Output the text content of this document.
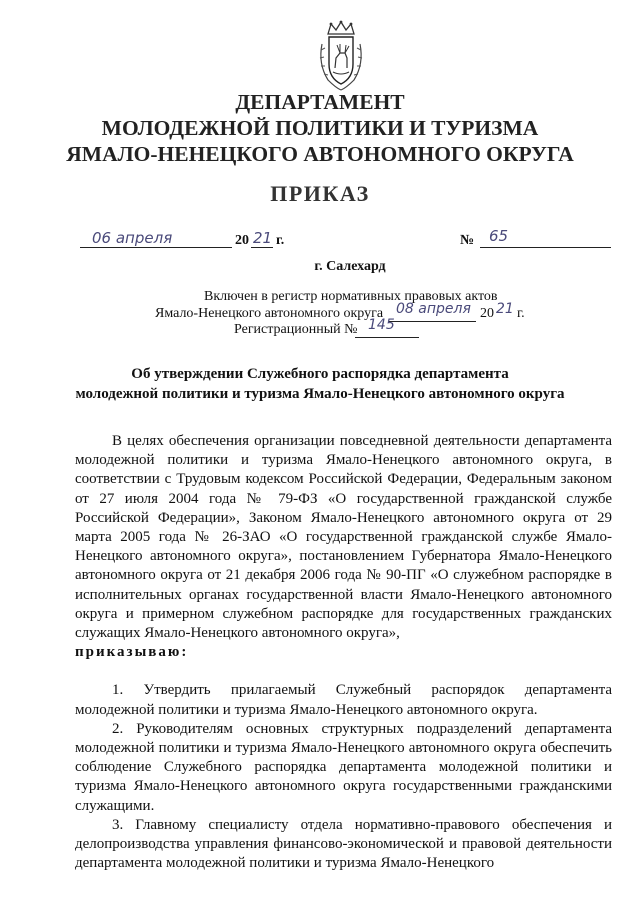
ДЕПАРТАМЕНТ
МОЛОДЕЖНОЙ ПОЛИТИКИ И ТУРИЗМА
ЯМАЛО-НЕНЕЦКОГО АВТОНОМНОГО ОКРУГА
ПРИКАЗ
06 апреля	20 21 г.	№ 65
г. Салехард
Включен в регистр нормативных правовых актов
Ямало-Ненецкого автономного округа 08 апреля 20 21 г.
Регистрационный № 145
Об утверждении Служебного распорядка департамента
молодежной политики и туризма Ямало-Ненецкого автономного округа

В целях обеспечения организации повседневной деятельности департамента молодежной политики и туризма Ямало-Ненецкого автономного округа, в соответствии с Трудовым кодексом Российской Федерации, Федеральным законом от 27 июля 2004 года № 79-ФЗ «О государственной гражданской службе Российской Федерации», Законом Ямало-Ненецкого автономного округа от 29 марта 2005 года № 26-ЗАО «О государственной гражданской службе Ямало-Ненецкого автономного округа», постановлением Губернатора Ямало-Ненецкого автономного округа от 21 декабря 2006 года № 90-ПГ «О служебном распорядке в исполнительных органах государственной власти Ямало-Ненецкого автономного округа и примерном служебном распорядке для государственных гражданских служащих Ямало-Ненецкого автономного округа»,

приказываю:

1. Утвердить прилагаемый Служебный распорядок департамента молодежной политики и туризма Ямало-Ненецкого автономного округа.

2. Руководителям основных структурных подразделений департамента молодежной политики и туризма Ямало-Ненецкого автономного округа обеспечить соблюдение Служебного распорядка департамента молодежной политики и туризма Ямало-Ненецкого автономного округа государственными гражданскими служащими.

3. Главному специалисту отдела нормативно-правового обеспечения и делопроизводства управления финансово-экономической и правовой деятельности департамента молодежной политики и туризма Ямало-Ненецкого
